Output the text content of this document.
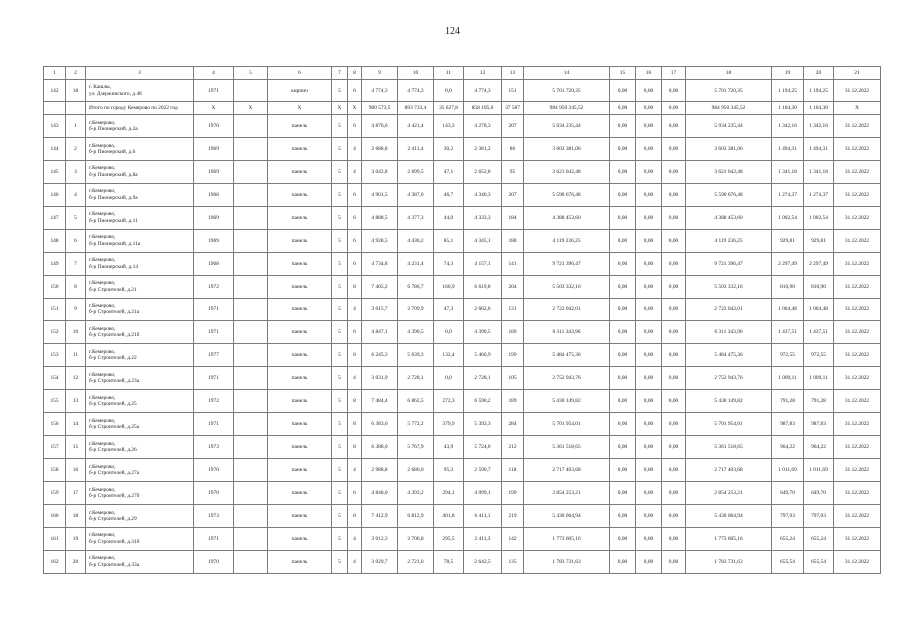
124
1	2	3	4	5	6	7	8	9	10	11	12	13	14	15	16	17	18	19	20	21
142	18	г. Кашлы,
ул. Дзержинского, д.48	1971		кирпич	5	6	4 774,3	4 774,3	0,0	4 774,3	151	5 701 720,35	0,00	0,00	0,00	5 701 720,35	1 194,25	1 194,25	31.12.2022
		Итого по городу Кемерово по 2022 год	Х	Х	Х	Х	Х	980 573,5	893 733,4	35 627,8	858 105,6	37 587	984 950 345,52	0,00	0,00	0,00	984 950 345,52	1 104,30	1 104,30	Х
143	1	г.Кемерово,
б-р Пионерский, д.2а	1970		панель	5	6	4 876,6	4 421,4	143,3	4 278,3	207	5 934 235,44	0,00	0,00	0,00	5 934 235,44	1 342,16	1 342,16	31.12.2022
144	2	г.Кемерово,
б-р Пионерский, д.6	1969		панель	5	4	2 688,8	2 411,4	30,2	2 381,2	86	3 603 381,06	0,00	0,00	0,00	3 603 381,06	1 494,31	1 494,31	31.12.2022
145	3	г.Кемерово,
б-р Пионерский, д.8а	1969		панель	5	4	3 042,8	2 699,5	47,1	2 652,8	95	3 621 042,48	0,00	0,00	0,00	3 621 042,48	1 341,18	1 341,18	31.12.2022
146	4	г.Кемерово,
б-р Пионерский, д.9а	1968		панель	5	6	4 901,5	4 387,0	46,7	4 340,3	207	5 590 676,48	0,00	0,00	0,00	5 590 676,48	1 274,37	1 274,37	31.12.2022
147	5	г.Кемерово,
б-р Пионерский, д.11	1969		панель	5	6	4 888,5	4 377,3	44,0	4 333,3	184	4 388 453,60	0,00	0,00	0,00	4 388 453,60	1 002,54	1 002,54	31.12.2022
148	6	г.Кемерово,
б-р Пионерский, д.11а	1969		панель	5	6	4 928,5	4 430,2	85,1	4 345,1	188	4 119 236,25	0,00	0,00	0,00	4 119 236,25	929,81	929,81	31.12.2022
149	7	г.Кемерово,
б-р Пионерский, д.14	1968		панель	5	6	4 734,8	4 231,4	74,3	4 157,1	141	9 721 396,47	0,00	0,00	0,00	9 721 396,47	2 297,49	2 297,49	31.12.2022
150	8	г.Кемерово,
б-р Строителей, д.21	1972		панель	5	8	7 405,2	6 786,7	166,9	6 619,8	204	5 503 332,16	0,00	0,00	0,00	5 503 332,16	810,90	810,90	31.12.2022
151	9	г.Кемерово,
б-р Строителей, д.21а	1971		панель	5	4	3 015,7	2 709,9	47,3	2 662,6	131	2 722 042,01	0,00	0,00	0,00	2 722 042,01	1 004,48	1 004,48	31.12.2022
152	10	г.Кемерово,
б-р Строителей, д.21б	1971		панель	5	6	4 847,1	4 390,5	0,0	4 390,5	189	6 311 343,96	0,00	0,00	0,00	6 311 343,96	1 437,51	1 437,51	31.12.2022
153	11	г.Кемерово,
б-р Строителей, д.22	1977		панель	5	8	6 245,3	5 639,3	132,4	5 466,9	199	5 484 475,36	0,00	0,00	0,00	5 484 475,36	972,55	972,55	31.12.2022
154	12	г.Кемерово,
б-р Строителей, д.23а	1971		панель	5	4	3 031,9	2 728,1	0,0	2 728,1	105	2 752 943,76	0,00	0,00	0,00	2 752 943,76	1 009,11	1 009,11	31.12.2022
155	13	г.Кемерово,
б-р Строителей, д.25	1972		панель	5	8	7 484,4	6 862,5	272,3	6 590,2	189	5 430 149,82	0,00	0,00	0,00	5 430 149,82	791,28	791,28	31.12.2022
156	14	г.Кемерово,
б-р Строителей, д.25а	1971		панель	5	8	6 383,6	5 772,2	379,9	5 392,3	284	5 701 954,01	0,00	0,00	0,00	5 701 954,01	987,83	987,83	31.12.2022
157	15	г.Кемерово,
б-р Строителей, д.26	1973		панель	5	8	6 388,0	5 767,9	43,9	5 724,0	212	5 361 518,65	0,00	0,00	0,00	5 361 518,65	964,22	964,22	31.12.2022
158	16	г.Кемерово,
б-р Строителей, д.27а	1970		панель	5	4	2 988,8	2 686,0	95,3	2 590,7	118	2 717 403,68	0,00	0,00	0,00	2 717 403,68	1 011,69	1 011,69	31.12.2022
159	17	г.Кемерово,
б-р Строителей, д.27б	1970		панель	5	6	4 848,0	4 393,2	294,1	4 099,1	199	2 854 253,21	0,00	0,00	0,00	2 854 253,21	649,70	649,70	31.12.2022
160	18	г.Кемерово,
б-р Строителей, д.29	1973		панель	5	8	7 412,9	6 812,9	401,8	6 411,1	219	5 430 064,94	0,00	0,00	0,00	5 430 064,94	797,03	797,03	31.12.2022
161	19	г.Кемерово,
б-р Строителей, д.31б	1971		панель	5	4	3 012,3	2 706,8	295,5	2 411,3	142	1 773 605,16	0,00	0,00	0,00	1 773 605,16	655,24	655,24	31.12.2022
162	20	г.Кемерово,
б-р Строителей, д.33а	1970		панель	5	4	3 029,7	2 721,0	78,5	2 642,5	135	1 783 731,63	0,00	0,00	0,00	1 783 731,63	655,54	655,54	31.12.2022
